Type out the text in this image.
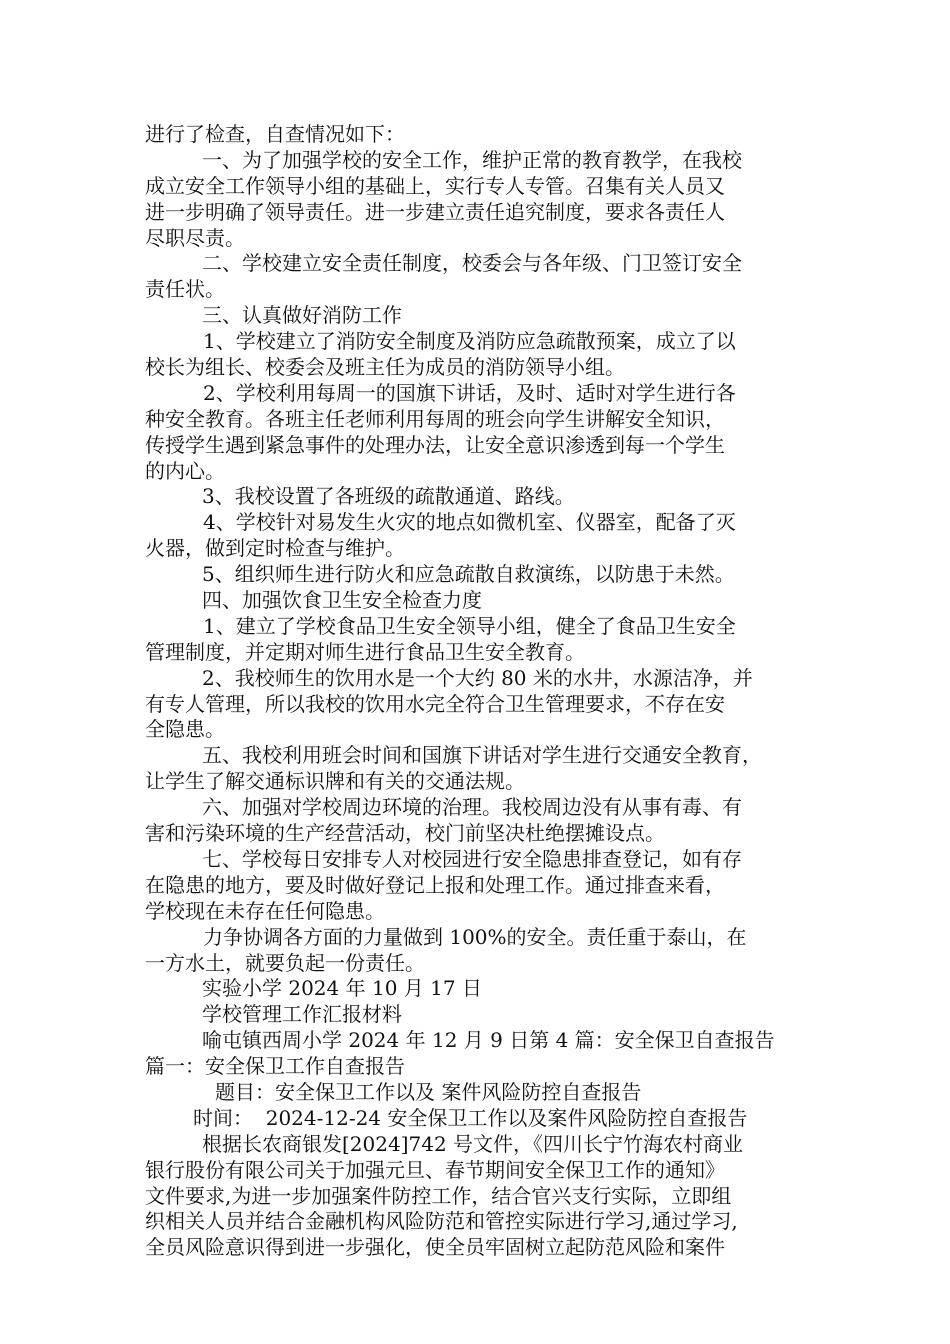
进行了检查，自查情况如下：
一、为了加强学校的安全工作，维护正常的教育教学，在我校
成立安全工作领导小组的基础上，实行专人专管。召集有关人员又
进一步明确了领导责任。进一步建立责任追究制度，要求各责任人
尽职尽责。
二、学校建立安全责任制度，校委会与各年级、门卫签订安全
责任状。
三、认真做好消防工作
1、学校建立了消防安全制度及消防应急疏散预案，成立了以
校长为组长、校委会及班主任为成员的消防领导小组。
2、学校利用每周一的国旗下讲话，及时、适时对学生进行各
种安全教育。各班主任老师利用每周的班会向学生讲解安全知识，
传授学生遇到紧急事件的处理办法，让安全意识渗透到每一个学生
的内心。
3、我校设置了各班级的疏散通道、路线。
4、学校针对易发生火灾的地点如微机室、仪器室，配备了灭
火器，做到定时检查与维护。
5、组织师生进行防火和应急疏散自救演练，以防患于未然。
四、加强饮食卫生安全检查力度
1、建立了学校食品卫生安全领导小组，健全了食品卫生安全
管理制度，并定期对师生进行食品卫生安全教育。
2、我校师生的饮用水是一个大约 80 米的水井，水源洁净，并
有专人管理，所以我校的饮用水完全符合卫生管理要求，不存在安
全隐患。
五、我校利用班会时间和国旗下讲话对学生进行交通安全教育，
让学生了解交通标识牌和有关的交通法规。
六、加强对学校周边环境的治理。我校周边没有从事有毒、有
害和污染环境的生产经营活动，校门前坚决杜绝摆摊设点。
七、学校每日安排专人对校园进行安全隐患排查登记，如有存
在隐患的地方，要及时做好登记上报和处理工作。通过排查来看，
学校现在未存在任何隐患。
力争协调各方面的力量做到 100%的安全。责任重于泰山，在
一方水土，就要负起一份责任。
实验小学 2024 年 10 月 17 日
学校管理工作汇报材料
喻屯镇西周小学 2024 年 12 月 9 日第 4 篇：安全保卫自查报告
篇一：安全保卫工作自查报告
题目：安全保卫工作以及 案件风险防控自查报告
时间：  2024-12-24 安全保卫工作以及案件风险防控自查报告
根据长农商银发[2024]742 号文件，《四川长宁竹海农村商业
银行股份有限公司关于加强元旦、春节期间安全保卫工作的通知》
文件要求,为进一步加强案件防控工作，结合官兴支行实际，立即组
织相关人员并结合金融机构风险防范和管控实际进行学习,通过学习,
全员风险意识得到进一步强化，使全员牢固树立起防范风险和案件
